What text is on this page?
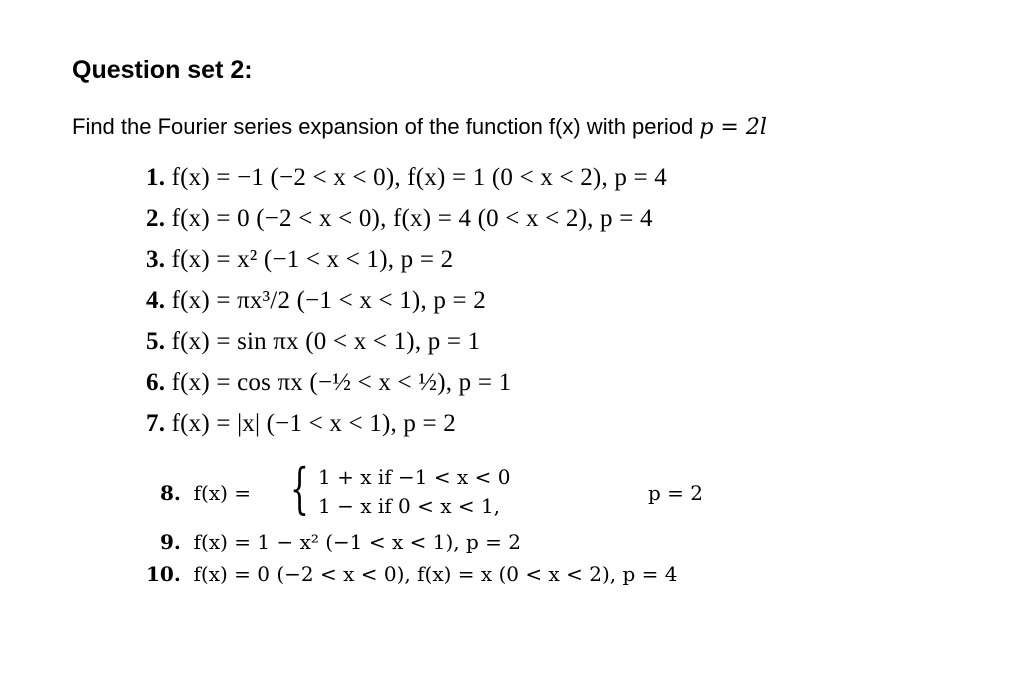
Question set 2:
Find the Fourier series expansion of the function f(x) with period p = 2l
1. f(x) = −1 (−2 < x < 0), f(x) = 1 (0 < x < 2), p = 4
2. f(x) = 0 (−2 < x < 0), f(x) = 4 (0 < x < 2), p = 4
3. f(x) = x² (−1 < x < 1), p = 2
4. f(x) = πx³/2 (−1 < x < 1), p = 2
5. f(x) = sin πx (0 < x < 1), p = 1
6. f(x) = cos πx (−½ < x < ½), p = 1
7. f(x) = |x| (−1 < x < 1), p = 2
8. f(x) = { 1 + x if −1 < x < 0
1 − x if 0 < x < 1,
p = 2
9. f(x) = 1 − x² (−1 < x < 1), p = 2
10. f(x) = 0 (−2 < x < 0), f(x) = x (0 < x < 2), p = 4
